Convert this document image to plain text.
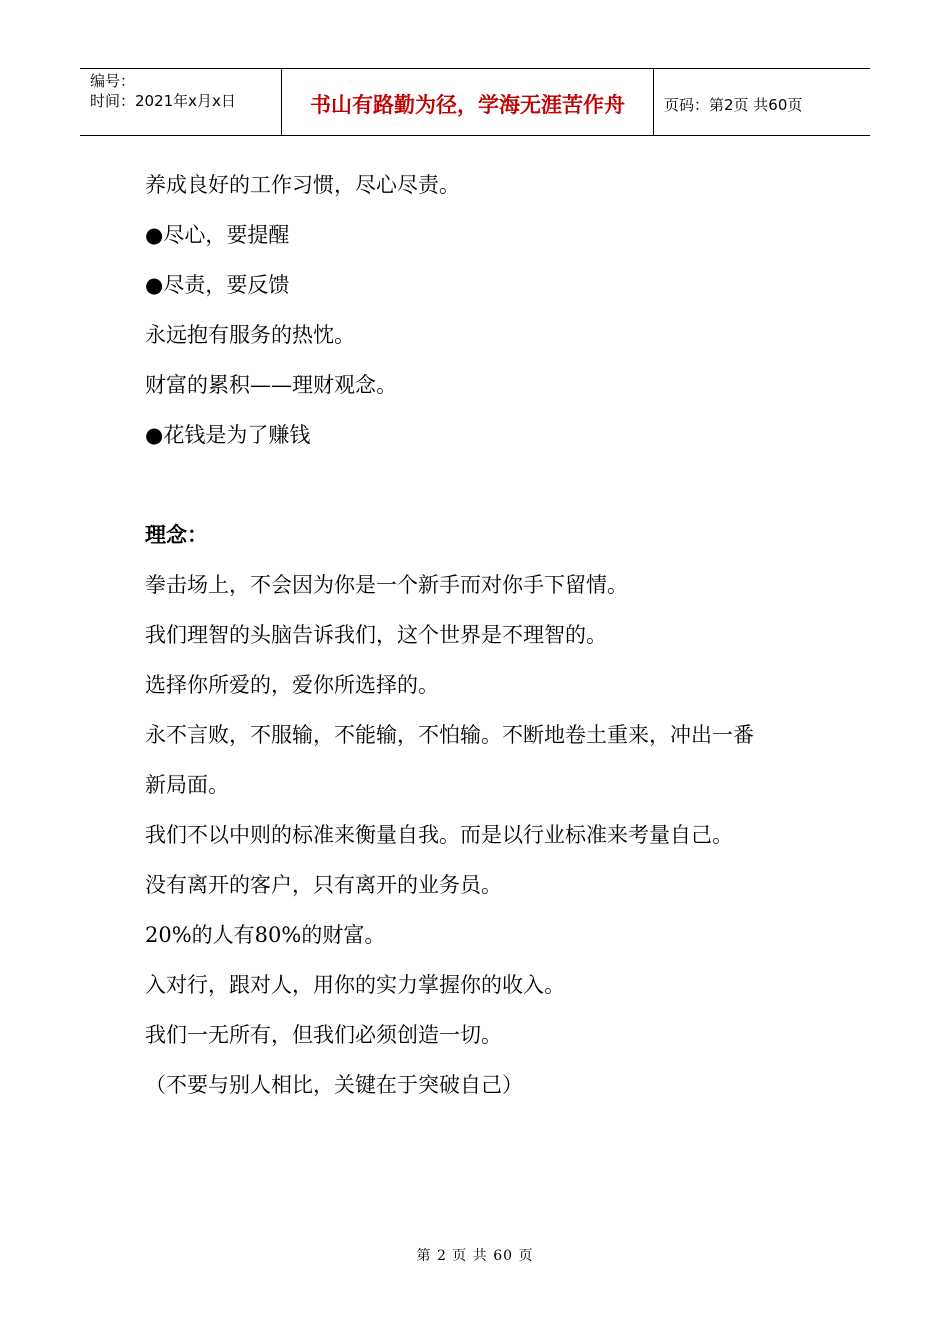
编号：
时间：2021年x月x日	书山有路勤为径，学海无涯苦作舟	页码：第2页 共60页
养成良好的工作习惯，尽心尽责。
●尽心，要提醒
●尽责，要反馈
永远抱有服务的热忱。
财富的累积——理财观念。
●花钱是为了赚钱
理念：
拳击场上，不会因为你是一个新手而对你手下留情。
我们理智的头脑告诉我们，这个世界是不理智的。
选择你所爱的，爱你所选择的。
永不言败，不服输，不能输，不怕输。不断地卷土重来，冲出一番
新局面。
我们不以中则的标准来衡量自我。而是以行业标准来考量自己。
没有离开的客户，只有离开的业务员。
20%的人有80%的财富。
入对行，跟对人，用你的实力掌握你的收入。
我们一无所有，但我们必须创造一切。
（不要与别人相比，关键在于突破自己）
第 2 页 共 60 页
